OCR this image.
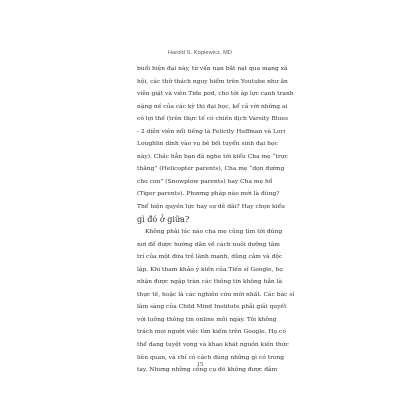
Harold S. Koplewicz, MD
buổi hiện đại này, từ vấn nạn bắt nạt qua mạng xã
hội, các thử thách nguy hiểm trên Youtube như ăn
viên giặt và viên Tide pod, cho tới áp lực cạnh tranh
nặng nề của các kỳ thi đại học, kể cả với những ai
có lợi thế (trên thực tế có chiến dịch Varsity Blues
- 2 diễn viên nổi tiếng là Felicity Huffman và Lori
Loughlin dính vào vụ bê bối tuyển sinh đại học
này). Chắc hẳn bạn đã nghe tới kiểu Cha mẹ “trực
thăng” (Helicopter parents), Cha mẹ “dọn đường
cho con” (Snowplow parents) hay Cha mẹ hổ
(Tiger parents). Phương pháp nào mới là đúng?
Thể hiện quyền lực hay sự dễ dãi? Hay chọn kiểu
gì đó ở giữa?
Không phải lúc nào cha mẹ cũng tìm tới đúng
nơi để được hướng dẫn về cách nuôi dưỡng tâm
trí của một đứa trẻ lành mạnh, dũng cảm và độc
lập. Khi tham khảo ý kiến của Tiến sĩ Google, họ
nhận được ngập tràn các thông tin không hẳn là
thực tế, hoặc là các nghiên cứu mới nhất. Các bác sĩ
lâm sàng của Child Mind Institute phải giải quyết
với luồng thông tin online mỗi ngày. Tôi không
trách mọi người việc tìm kiếm trên Google. Họ có
thể đang tuyệt vọng và khao khát nguồn kiến thức
liên quan, và chỉ có cách đúng những gì có trong
tay. Nhưng những công cụ đó không được đảm
15
